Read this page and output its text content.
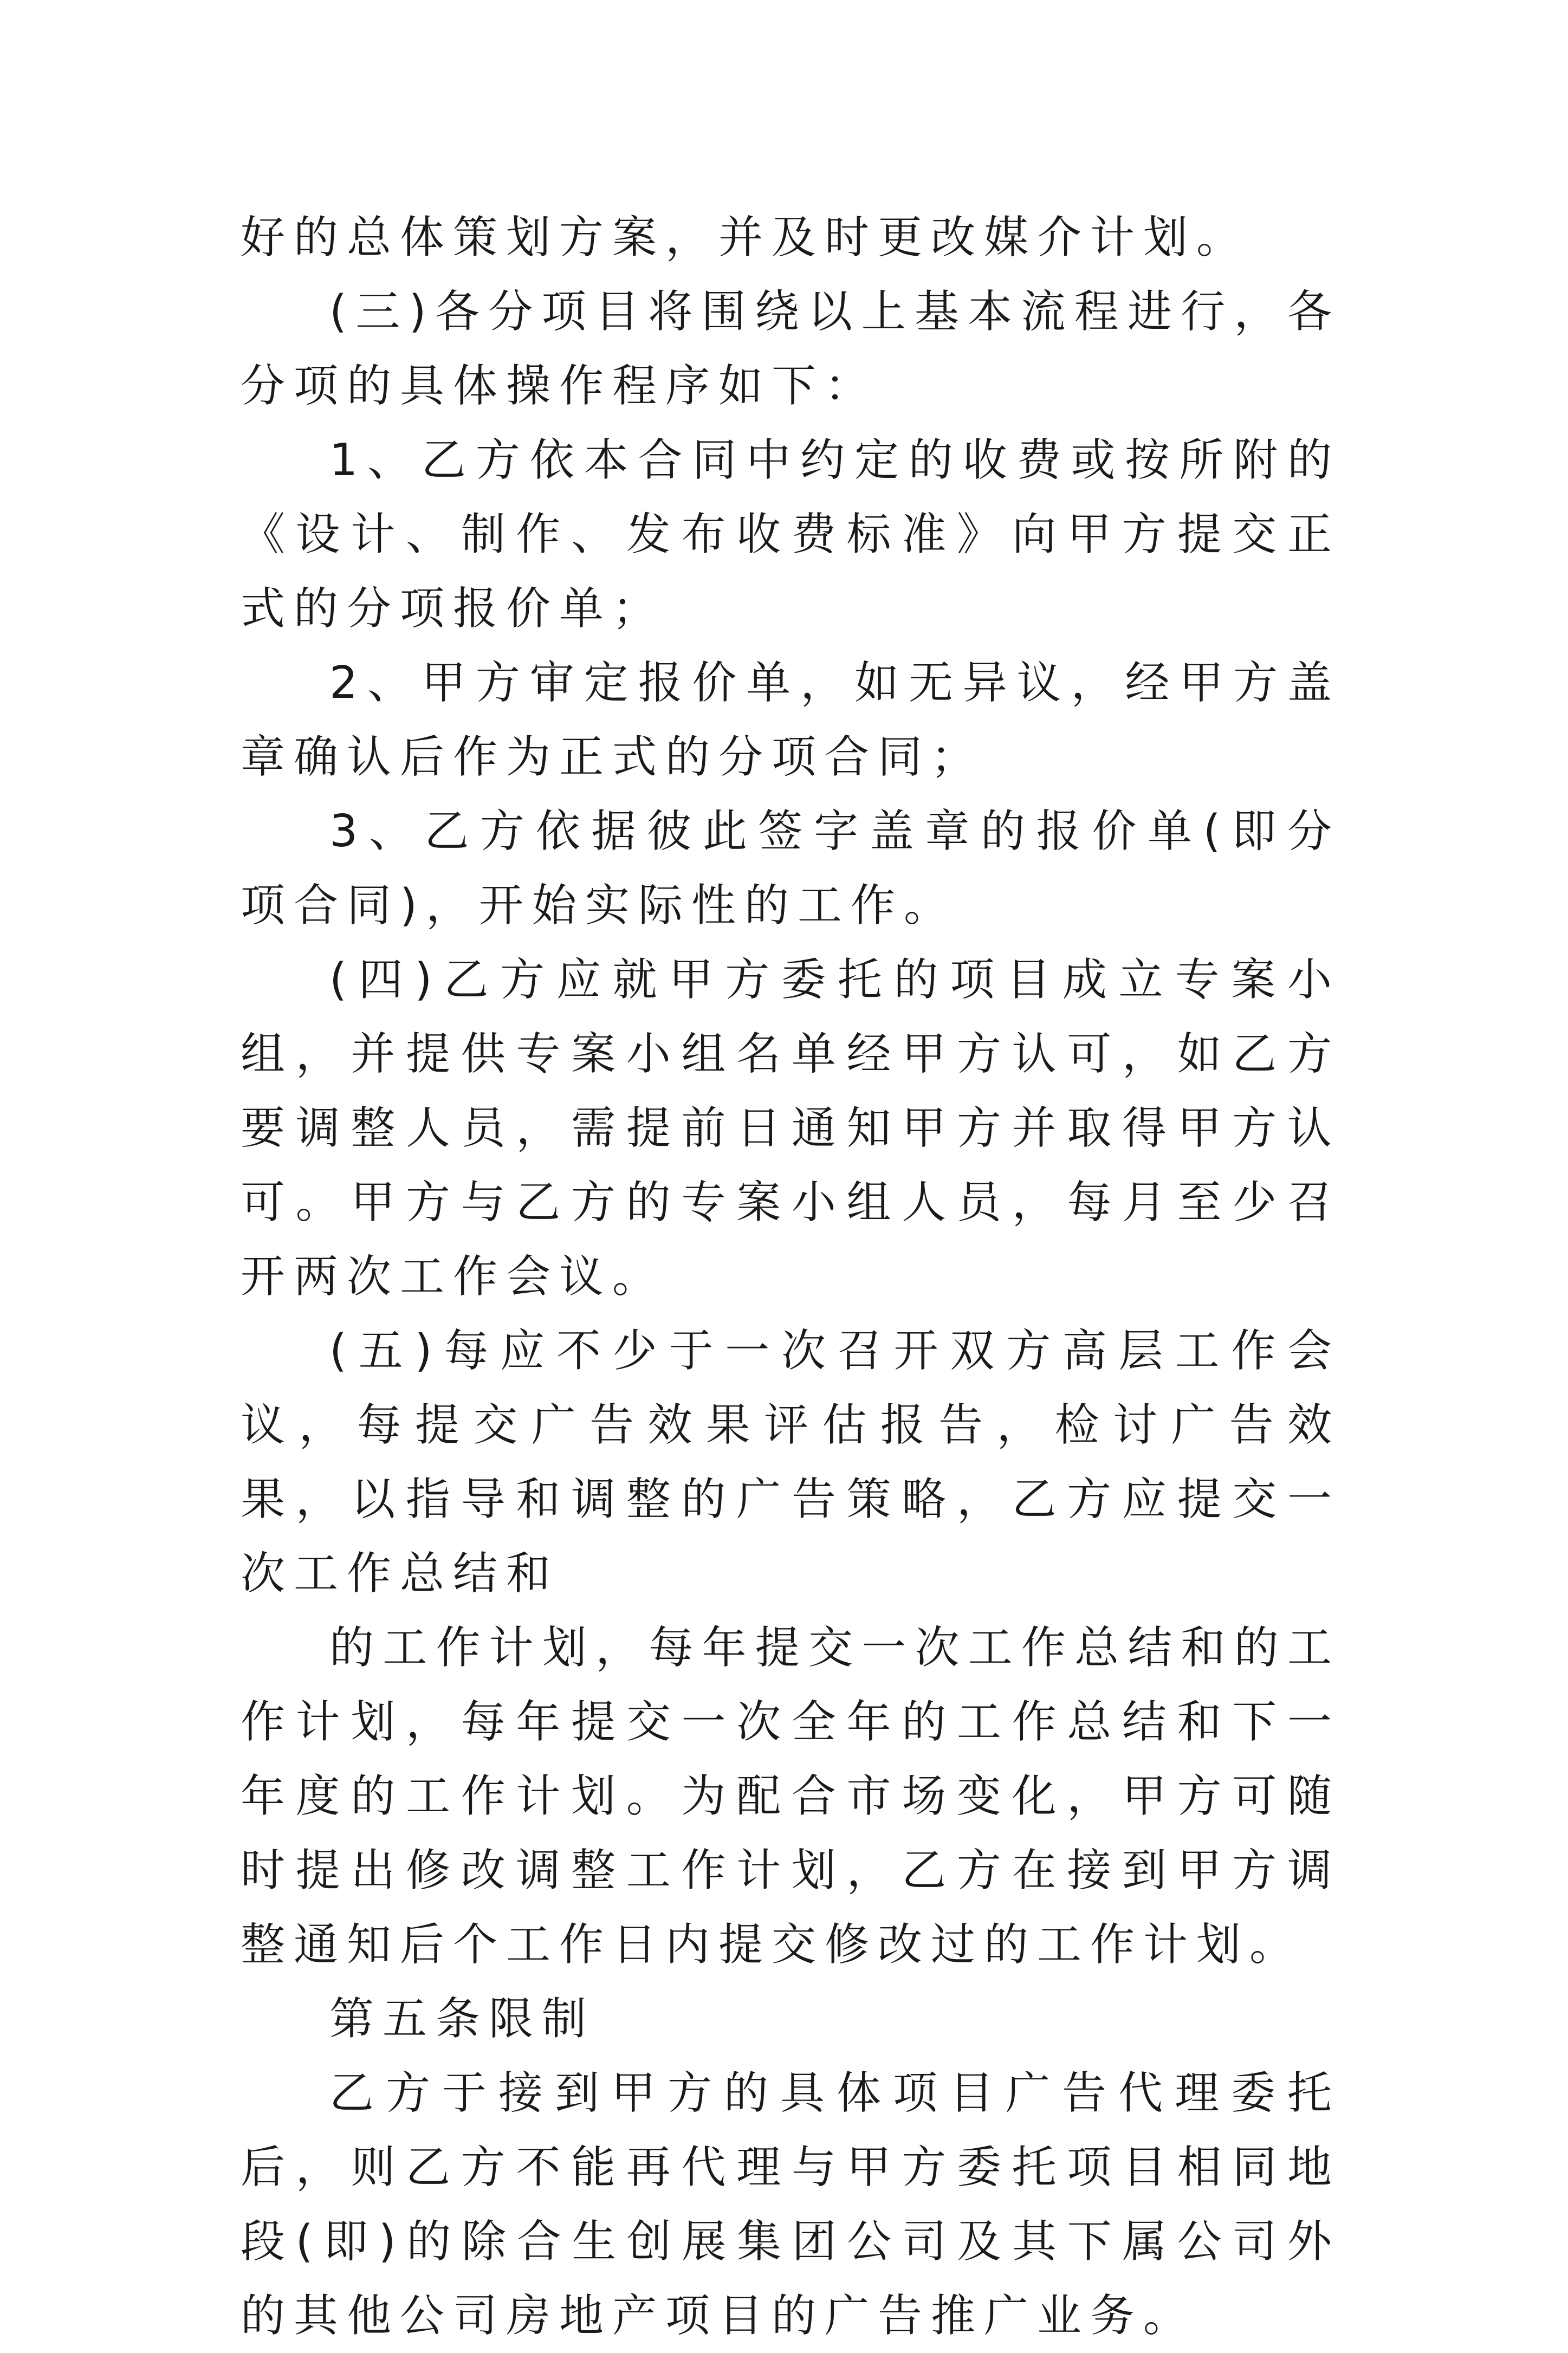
好的总体策划方案，并及时更改媒介计划。

(三)各分项目将围绕以上基本流程进行，各分项的具体操作程序如下：

1、乙方依本合同中约定的收费或按所附的《设计、制作、发布收费标准》向甲方提交正式的分项报价单；

2、甲方审定报价单，如无异议，经甲方盖章确认后作为正式的分项合同；

3、乙方依据彼此签字盖章的报价单(即分项合同)，开始实际性的工作。

(四)乙方应就甲方委托的项目成立专案小组，并提供专案小组名单经甲方认可，如乙方要调整人员，需提前日通知甲方并取得甲方认可。甲方与乙方的专案小组人员，每月至少召开两次工作会议。

(五)每应不少于一次召开双方高层工作会议，每提交广告效果评估报告，检讨广告效果，以指导和调整的广告策略，乙方应提交一次工作总结和

的工作计划，每年提交一次工作总结和的工作计划，每年提交一次全年的工作总结和下一年度的工作计划。为配合市场变化，甲方可随时提出修改调整工作计划，乙方在接到甲方调整通知后个工作日内提交修改过的工作计划。

第五条限制

乙方于接到甲方的具体项目广告代理委托后，则乙方不能再代理与甲方委托项目相同地段(即)的除合生创展集团公司及其下属公司外的其他公司房地产项目的广告推广业务。
